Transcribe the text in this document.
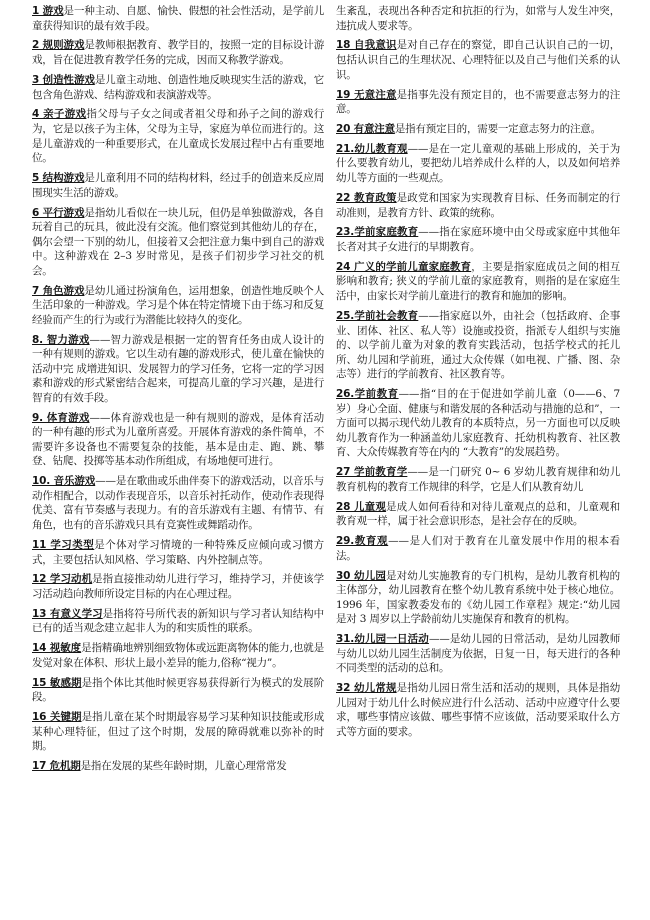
1 游戏是一种主动、自愿、愉快、假想的社会性活动，是学前儿童获得知识的最有效手段。

2 规则游戏是教师根据教育、教学目的，按照一定的目标设计游戏，旨在促进教育教学任务的完成，因而又称教学游戏。

3 创造性游戏是儿童主动地、创造性地反映现实生活的游戏，它包含角色游戏、结构游戏和表演游戏等。

4 亲子游戏指父母与子女之间或者祖父母和孙子之间的游戏行为，它是以孩子为主体，父母为主导，家庭为单位而进行的。这是儿童游戏的一种重要形式，在儿童成长发展过程中占有重要地位。

5 结构游戏是儿童利用不同的结构材料，经过手的创造来反应周围现实生活的游戏。

6 平行游戏是指幼儿看似在一块儿玩，但仍是单独做游戏，各自玩着自己的玩具，彼此没有交流。他们察觉到其他幼儿的存在，偶尔会望一下别的幼儿，但接着又会把注意力集中到自己的游戏中。这种游戏在 2–3 岁时常见，是孩子们初步学习社交的机会。

7 角色游戏是幼儿通过扮演角色，运用想象，创造性地反映个人生活印象的一种游戏。学习是个体在特定情境下由于练习和反复经验而产生的行为或行为潜能比较持久的变化。

8. 智力游戏——智力游戏是根据一定的智育任务由成人设计的一种有规则的游戏。它以生动有趣的游戏形式，使儿童在愉快的活动中完 成增进知识、发展智力的学习任务，它将一定的学习因素和游戏的形式紧密结合起来，可提高儿童的学习兴趣，是进行智育的有效手段。

9. 体育游戏——体育游戏也是一种有规则的游戏，是体育活动的一种有趣的形式为儿童所喜爱。开展体育游戏的条件简单，不需要许多设备也不需要复杂的技能，基本是由走、跑、跳、攀登、钻爬、投掷等基本动作所组成，有场地便可进行。

10. 音乐游戏——是在歌曲或乐曲伴奏下的游戏活动，以音乐与动作相配合，以动作表现音乐，以音乐衬托动作，使动作表现得优美、富有节奏感与表现力。有的音乐游戏有主题、有情节、有角色，也有的音乐游戏只具有竞赛性或舞蹈动作。

11 学习类型是个体对学习情境的一种特殊反应倾向或习惯方式，主要包括认知风格、学习策略、内外控制点等。

12 学习动机是指直接推动幼儿进行学习，维持学习，并使该学习活动趋向教师所设定目标的内在心理过程。

13 有意义学习是指将符号所代表的新知识与学习者认知结构中已有的适当观念建立起非人为的和实质性的联系。

14 视敏度是指精确地辨别细致物体或远距离物体的能力,也就是发觉对象在体积、形状上最小差异的能力,俗称“视力”。

15 敏感期是指个体比其他时候更容易获得新行为模式的发展阶段。

16 关键期是指儿童在某个时期最容易学习某种知识技能或形成某种心理特征，但过了这个时期，发展的障碍就难以弥补的时期。

17 危机期是指在发展的某些年龄时期，儿童心理常常发

生紊乱，表现出各种否定和抗拒的行为，如常与人发生冲突，违抗成人要求等。

18 自我意识是对自己存在的察觉，即自己认识自己的一切，包括认识自己的生理状况、心理特征以及自己与他们关系的认识。

19 无意注意是指事先没有预定目的，也不需要意志努力的注意。

20 有意注意是指有预定目的，需要一定意志努力的注意。

21.幼儿教育观——是在一定儿童观的基础上形成的，关于为什么要教育幼儿，要把幼儿培养成什么样的人，以及如何培养幼儿等方面的一些观点。

22 教育政策是政党和国家为实现教育目标、任务而制定的行动准则，是教育方针、政策的统称。

23.学前家庭教育——指在家庭环境中由父母或家庭中其他年长者对其子女进行的早期教育。

24 广义的学前儿童家庭教育，主要是指家庭成员之间的相互影响和教育; 狭义的学前儿童的家庭教育，则指的是在家庭生活中，由家长对学前儿童进行的教育和施加的影响。

25.学前社会教育——指家庭以外，由社会（包括政府、企事业、团体、社区、私人等）设施或投资，指派专人组织与实施的、以学前儿童为对象的教育实践活动，包括学校式的托儿所、幼儿园和学前班，通过大众传媒（如电视、广播、图、杂志等）进行的学前教育、社区教育等。

26.学前教育——指“目的在于促进如学前儿童（0——6、7 岁）身心全面、健康与和谐发展的各种活动与措施的总和”，一方面可以揭示现代幼儿教育的本质特点，另一方面也可以反映幼儿教育作为一种涵盖幼儿家庭教育、托幼机构教育、社区教育、大众传媒教育等在内的 “大教育”的发展趋势。

27 学前教育学——是一门研究 0~ 6 岁幼儿教育规律和幼儿教育机构的教育工作规律的科学，它是人们从教育幼儿

28 儿童观是成人如何看待和对待儿童观点的总和，儿童观和教育观一样，属于社会意识形态，是社会存在的反映。

29.教育观——是人们对于教育在儿童发展中作用的根本看法。

30 幼儿园是对幼儿实施教育的专门机构，是幼儿教育机构的主体部分，幼儿园教育在整个幼儿教育系统中处于核心地位。1996 年，国家教委发布的《幼儿园工作章程》规定:“幼儿园是对 3 周岁以上学龄前幼儿实施保育和教育的机构。

31.幼儿园一日活动——是幼儿园的日常活动，是幼儿园教师与幼儿以幼儿园生活制度为依据，日复一日，每天进行的各种不同类型的活动的总和。

32 幼儿常规是指幼儿园日常生活和活动的规则，具体是指幼儿园对于幼儿什么时候应进行什么活动、活动中应遵守什么要求，哪些事情应该做、哪些事情不应该做，活动要采取什么方式等方面的要求。
